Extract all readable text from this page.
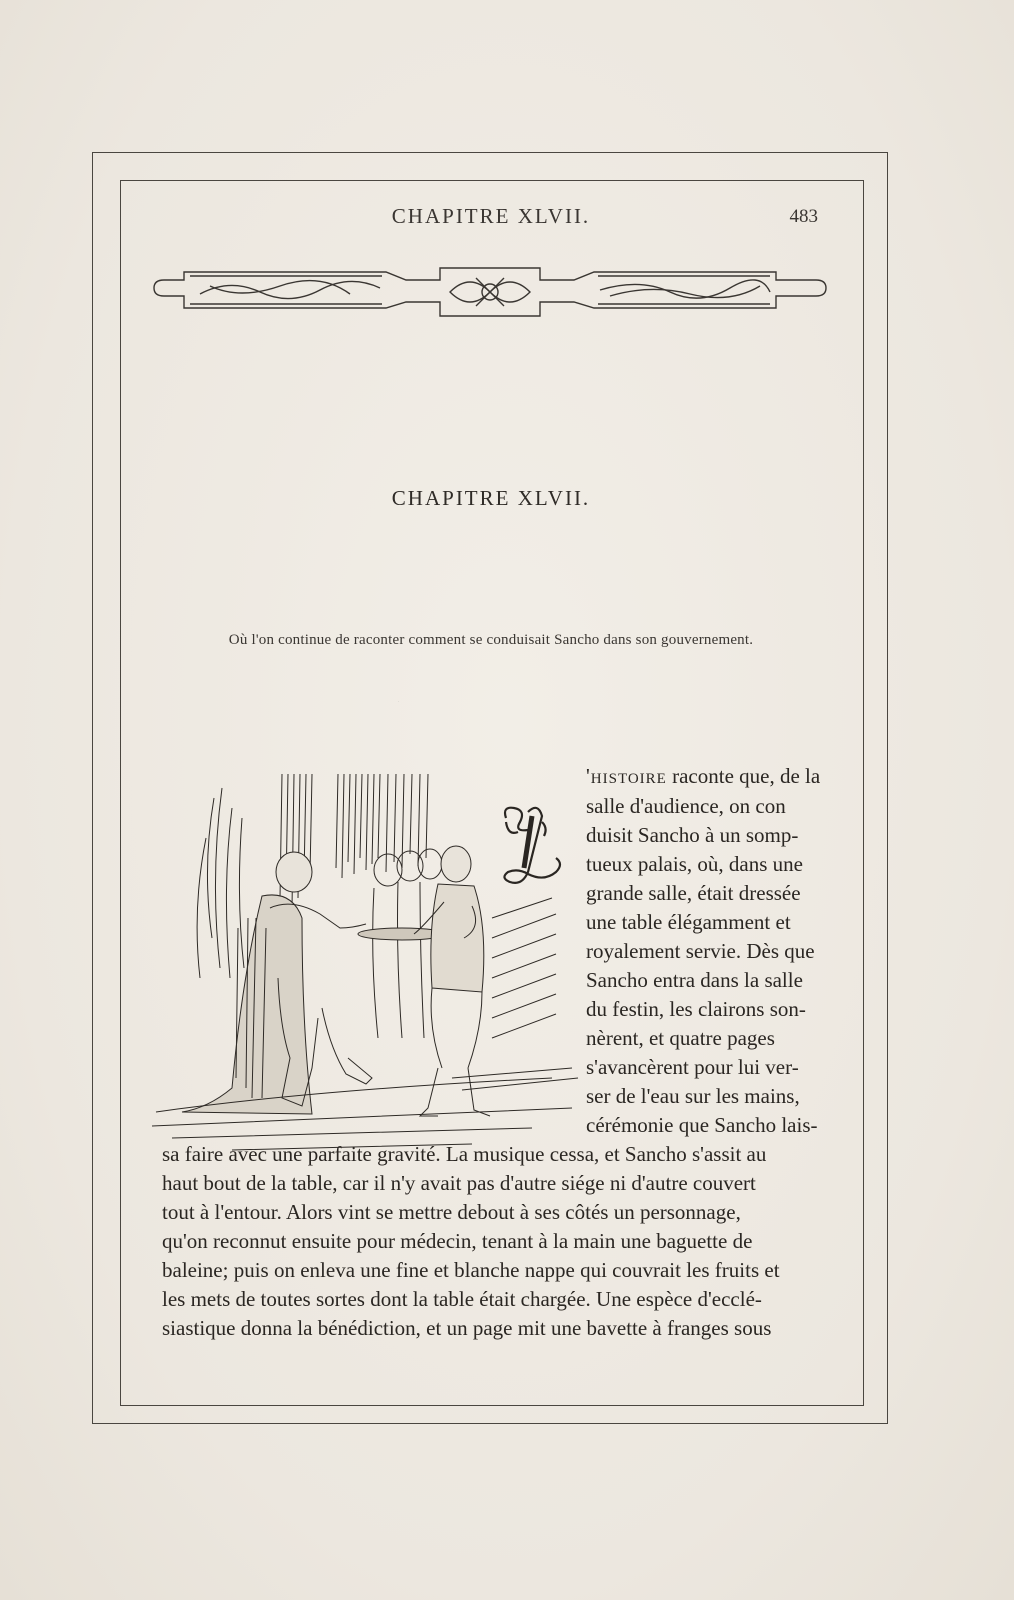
CHAPITRE XLVII.	483
CHAPITRE XLVII.
Où l'on continue de raconter comment se conduisait Sancho dans son gouvernement.
L
'histoire raconte que, de la
salle d'audience, on con
duisit Sancho à un somp-
tueux palais, où, dans une
grande salle, était dressée
une table élégamment et
royalement servie. Dès que
Sancho entra dans la salle
du festin, les clairons son-
nèrent, et quatre pages
s'avancèrent pour lui ver-
ser de l'eau sur les mains,
cérémonie que Sancho lais-
sa faire avec une parfaite gravité. La musique cessa, et Sancho s'assit au
haut bout de la table, car il n'y avait pas d'autre siége ni d'autre couvert
tout à l'entour. Alors vint se mettre debout à ses côtés un personnage,
qu'on reconnut ensuite pour médecin, tenant à la main une baguette de
baleine; puis on enleva une fine et blanche nappe qui couvrait les fruits et
les mets de toutes sortes dont la table était chargée. Une espèce d'ecclé-
siastique donna la bénédiction, et un page mit une bavette à franges sous
